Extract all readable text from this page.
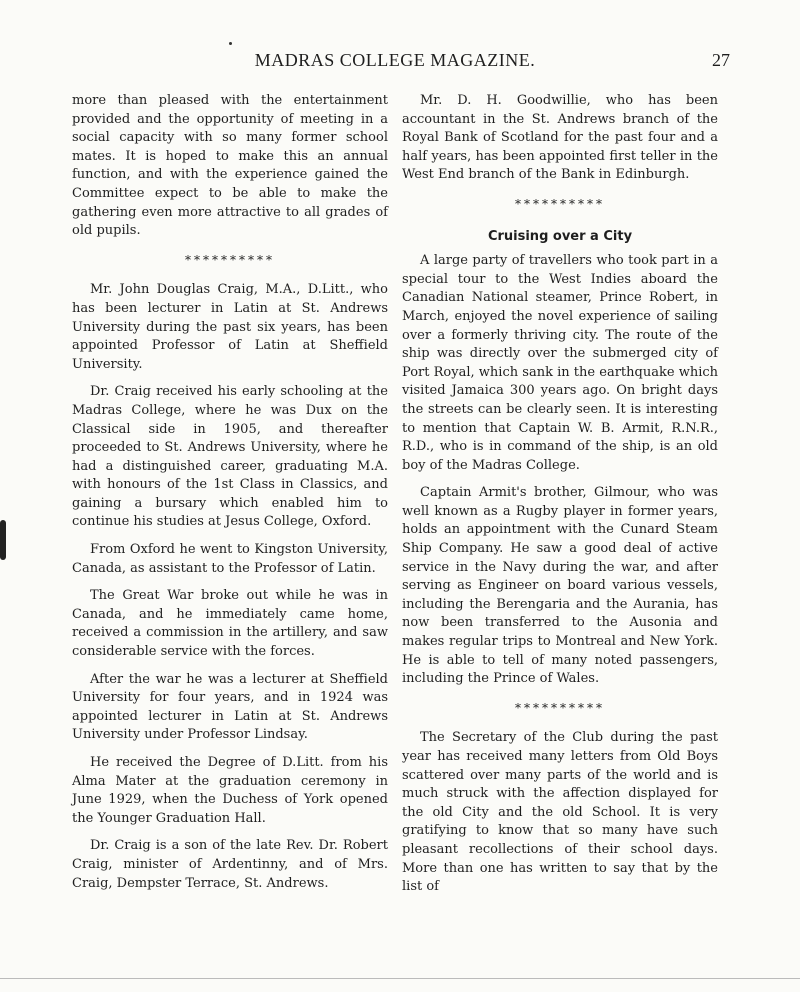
MADRAS COLLEGE MAGAZINE.	27

more than pleased with the entertainment provided and the opportunity of meeting in a social capacity with so many former school mates. It is hoped to make this an annual function, and with the experience gained the Committee expect to be able to make the gathering even more attractive to all grades of old pupils.

**********

Mr. John Douglas Craig, M.A., D.Litt., who has been lecturer in Latin at St. Andrews University during the past six years, has been appointed Professor of Latin at Sheffield University.

Dr. Craig received his early schooling at the Madras College, where he was Dux on the Classical side in 1905, and thereafter proceeded to St. Andrews University, where he had a distinguished career, graduating M.A. with honours of the 1st Class in Classics, and gaining a bursary which enabled him to continue his studies at Jesus College, Oxford.

From Oxford he went to Kingston University, Canada, as assistant to the Professor of Latin.

The Great War broke out while he was in Canada, and he immediately came home, received a commission in the artillery, and saw considerable service with the forces.

After the war he was a lecturer at Sheffield University for four years, and in 1924 was appointed lecturer in Latin at St. Andrews University under Professor Lindsay.

He received the Degree of D.Litt. from his Alma Mater at the graduation ceremony in June 1929, when the Duchess of York opened the Younger Graduation Hall.

Dr. Craig is a son of the late Rev. Dr. Robert Craig, minister of Ardentinny, and of Mrs. Craig, Dempster Terrace, St. Andrews.

Mr. D. H. Goodwillie, who has been accountant in the St. Andrews branch of the Royal Bank of Scotland for the past four and a half years, has been appointed first teller in the West End branch of the Bank in Edinburgh.

**********
Cruising over a City

A large party of travellers who took part in a special tour to the West Indies aboard the Canadian National steamer, Prince Robert, in March, enjoyed the novel experience of sailing over a formerly thriving city. The route of the ship was directly over the submerged city of Port Royal, which sank in the earthquake which visited Jamaica 300 years ago. On bright days the streets can be clearly seen. It is interesting to mention that Captain W. B. Armit, R.N.R., R.D., who is in command of the ship, is an old boy of the Madras College.

Captain Armit's brother, Gilmour, who was well known as a Rugby player in former years, holds an appointment with the Cunard Steam Ship Company. He saw a good deal of active service in the Navy during the war, and after serving as Engineer on board various vessels, including the Berengaria and the Aurania, has now been transferred to the Ausonia and makes regular trips to Montreal and New York. He is able to tell of many noted passengers, including the Prince of Wales.

**********

The Secretary of the Club during the past year has received many letters from Old Boys scattered over many parts of the world and is much struck with the affection displayed for the old City and the old School. It is very gratifying to know that so many have such pleasant recollections of their school days. More than one has written to say that by the list of
